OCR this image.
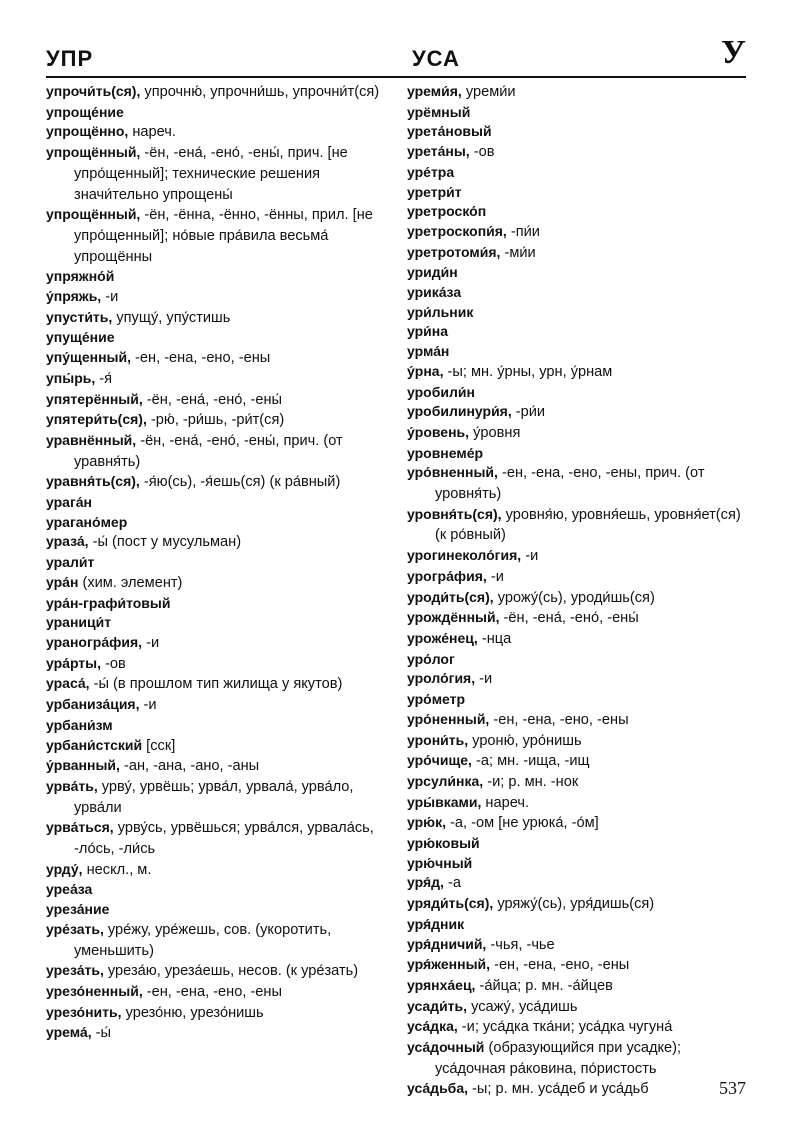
УПР	УСА	У

упрочи́ть(ся), упрочню́, упрочни́шь, упрочни́т(ся)

упроще́ние

упрощённо, нареч.

упрощённый, -ён, -ена́, -ено́, -ены́, прич. [не упро́щенный]; технические решения значи́тельно упрощены́

упрощённый, -ён, -ённа, -ённо, -ённы, прил. [не упро́щенный]; но́вые пра́вила весьма́ упрощённы

упряжно́й

у́пряжь, -и

упусти́ть, упущу́, упу́стишь

упуще́ние

упу́щенный, -ен, -ена, -ено, -ены

упы́рь, -я́

упятерённый, -ён, -ена́, -ено́, -ены́

упятери́ть(ся), -рю́, -ри́шь, -ри́т(ся)

уравнённый, -ён, -ена́, -ено́, -ены́, прич. (от уравня́ть)

уравня́ть(ся), -я́ю(сь), -я́ешь(ся) (к ра́вный)

урага́н

урагано́мер

ураза́, -ы́ (пост у мусульман)

урали́т

ура́н (хим. элемент)

ура́н-графи́товый

ураници́т

ураногра́фия, -и

ура́рты, -ов

ураса́, -ы́ (в прошлом тип жилища у якутов)

урбаниза́ция, -и

урбани́зм

урбани́стский [сск]

у́рванный, -ан, -ана, -ано, -аны

урва́ть, урву́, урвёшь; урва́л, урвала́, урва́ло, урва́ли

урва́ться, урву́сь, урвёшься; урва́лся, урвала́сь, -ло́сь, -ли́сь

урду́, нескл., м.

уреа́за

уреза́ние

уре́зать, уре́жу, уре́жешь, сов. (укоротить, уменьшить)

уреза́ть, уреза́ю, уреза́ешь, несов. (к уре́зать)

урезо́ненный, -ен, -ена, -ено, -ены

урезо́нить, урезо́ню, урезо́нишь

урема́, -ы́

уреми́я, уреми́и

урёмный

урета́новый

урета́ны, -ов

уре́тра

уретри́т

уретроско́п

уретроскопи́я, -пи́и

уретротоми́я, -ми́и

уриди́н

урика́за

ури́льник

ури́на

урма́н

у́рна, -ы; мн. у́рны, урн, у́рнам

уробили́н

уробилинури́я, -ри́и

у́ровень, у́ровня

уровнеме́р

уро́вненный, -ен, -ена, -ено, -ены, прич. (от уровня́ть)

уровня́ть(ся), уровня́ю, уровня́ешь, уровня́ет(ся) (к ро́вный)

урогинеколо́гия, -и

урогра́фия, -и

уроди́ть(ся), урожу́(сь), уроди́шь(ся)

урождённый, -ён, -ена́, -ено́, -ены́

уроже́нец, -нца

уро́лог

уроло́гия, -и

уро́метр

уро́ненный, -ен, -ена, -ено, -ены

урони́ть, уроню́, уро́нишь

уро́чище, -а; мн. -ища, -ищ

урсули́нка, -и; р. мн. -нок

уры́вками, нареч.

урю́к, -а, -ом [не урюка́, -о́м]

урю́ковый

урю́чный

уря́д, -а

уряди́ть(ся), уряжу́(сь), уря́дишь(ся)

уря́дник

уря́дничий, -чья, -чье

уря́женный, -ен, -ена, -ено, -ены

урянха́ец, -а́йца; р. мн. -а́йцев

усади́ть, усажу́, уса́дишь

уса́дка, -и; уса́дка тка́ни; уса́дка чугуна́

уса́дочный (образующийся при усадке); уса́дочная ра́ковина, по́ристость

уса́дьба, -ы; р. мн. уса́деб и уса́дьб	537
